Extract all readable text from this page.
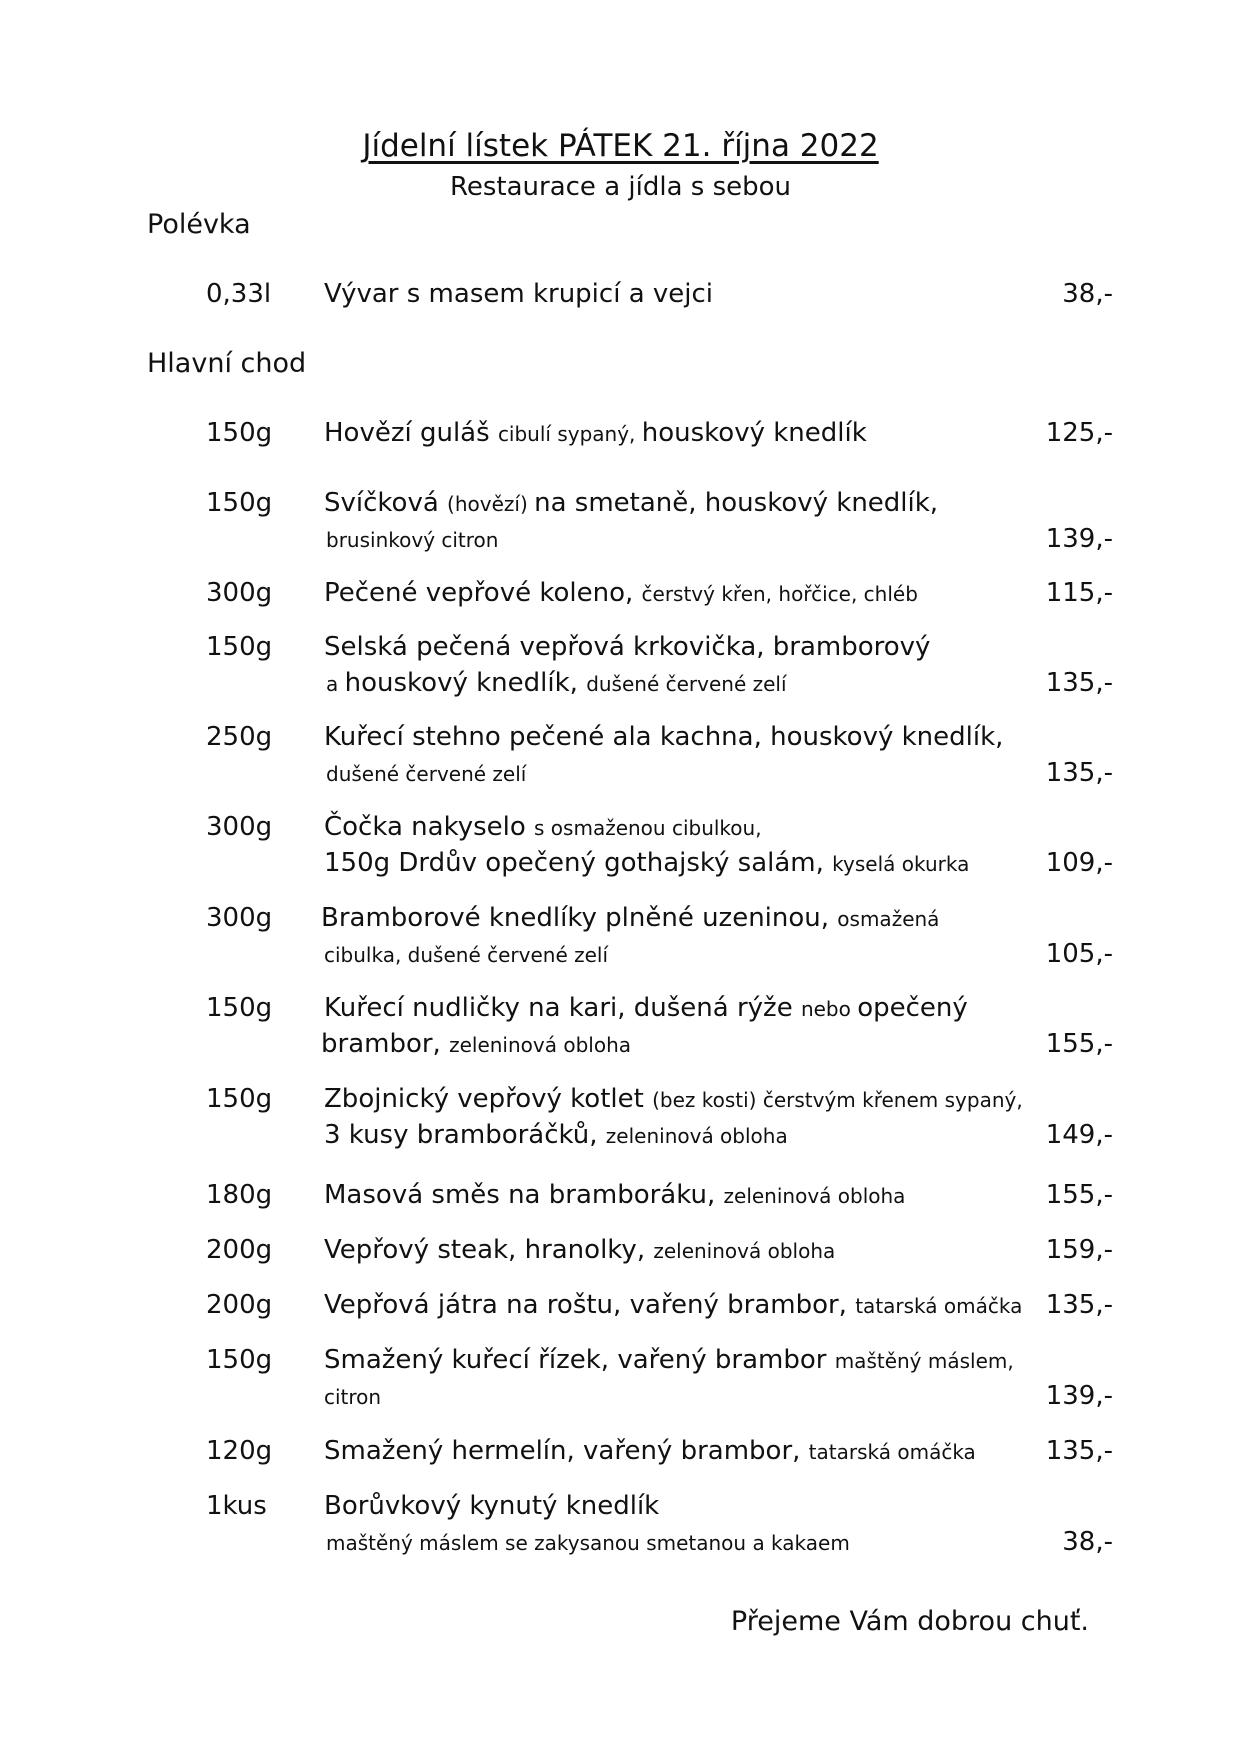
Jídelní lístek PÁTEK 21. října 2022
Restaurace a jídla s sebou
Polévka
Hlavní chod
0,33l Vývar s masem krupicí a vejci	38,-
150g Hovězí guláš cibulí sypaný, houskový knedlík	125,-
150g Svíčková (hovězí) na smetaně, houskový knedlík,
brusinkový citron	139,-
300g Pečené vepřové koleno, čerstvý křen, hořčice, chléb	115,-
150g Selská pečená vepřová krkovička, bramborový
a houskový knedlík, dušené červené zelí	135,-
250g Kuřecí stehno pečené ala kachna, houskový knedlík,
dušené červené zelí	135,-
300g Čočka nakyselo s osmaženou cibulkou,
150g Drdův opečený gothajský salám, kyselá okurka	109,-
300g Bramborové knedlíky plněné uzeninou, osmažená
cibulka, dušené červené zelí	105,-
150g Kuřecí nudličky na kari, dušená rýže nebo opečený
brambor, zeleninová obloha	155,-
150g Zbojnický vepřový kotlet (bez kosti) čerstvým křenem sypaný,
3 kusy bramboráčků, zeleninová obloha	149,-
180g Masová směs na bramboráku, zeleninová obloha	155,-
200g Vepřový steak, hranolky, zeleninová obloha	159,-
200g Vepřová játra na roštu, vařený brambor, tatarská omáčka 135,-
150g Smažený kuřecí řízek, vařený brambor maštěný máslem,
citron	139,-
120g Smažený hermelín, vařený brambor, tatarská omáčka	135,-
1kus Borůvkový kynutý knedlík
maštěný máslem se zakysanou smetanou a kakaem	38,-
Přejeme Vám dobrou chuť.
